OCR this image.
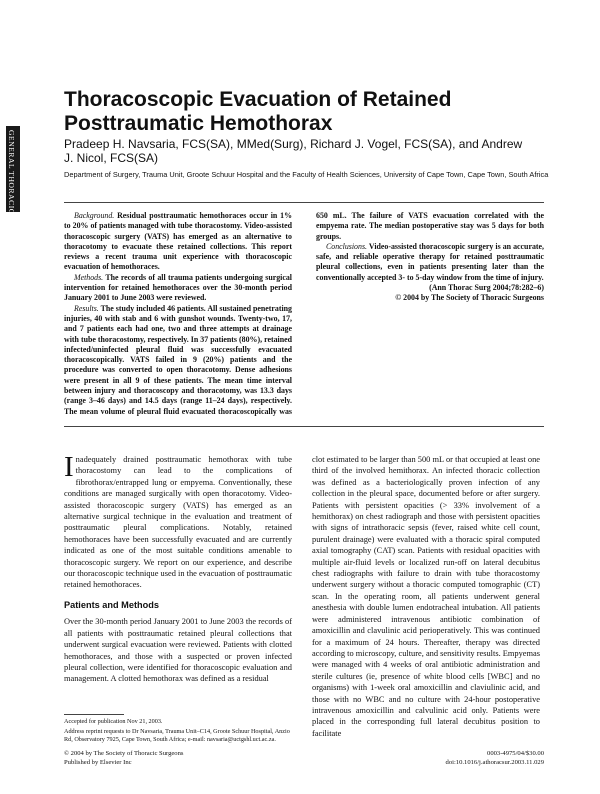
GENERAL THORACIC
Thoracoscopic Evacuation of Retained Posttraumatic Hemothorax
Pradeep H. Navsaria, FCS(SA), MMed(Surg), Richard J. Vogel, FCS(SA), and Andrew J. Nicol, FCS(SA)
Department of Surgery, Trauma Unit, Groote Schuur Hospital and the Faculty of Health Sciences, University of Cape Town, Cape Town, South Africa

Background. Residual posttraumatic hemothoraces occur in 1% to 20% of patients managed with tube thoracostomy. Video-assisted thoracoscopic surgery (VATS) has emerged as an alternative to thoracotomy to evacuate these retained collections. This report reviews a recent trauma unit experience with thoracoscopic evacuation of hemothoraces.

Methods. The records of all trauma patients undergoing surgical intervention for retained hemothoraces over the 30-month period January 2001 to June 2003 were reviewed.

Results. The study included 46 patients. All sustained penetrating injuries, 40 with stab and 6 with gunshot wounds. Twenty-two, 17, and 7 patients each had one, two and three attempts at drainage with tube thoracostomy, respectively. In 37 patients (80%), retained infected/uninfected pleural fluid was successfully evacuated thoracoscopically. VATS failed in 9 (20%) patients and the procedure was converted to open thoracotomy. Dense adhesions were present in all 9 of these patients. The mean time interval between injury and thoracoscopy and thoracotomy, was 13.3 days (range 3–46 days) and 14.5 days (range 11–24 days), respectively. The mean volume of pleural fluid evacuated thoracoscopically was 650 mL. The failure of VATS evacuation correlated with the empyema rate. The median postoperative stay was 5 days for both groups.

Conclusions. Video-assisted thoracoscopic surgery is an accurate, safe, and reliable operative therapy for retained posttraumatic pleural collections, even in patients presenting later than the conventionally accepted 3- to 5-day window from the time of injury.

(Ann Thorac Surg 2004;78:282–6)

© 2004 by The Society of Thoracic Surgeons

Inadequately drained posttraumatic hemothorax with tube thoracostomy can lead to the complications of fibrothorax/entrapped lung or empyema. Conventionally, these conditions are managed surgically with open thoracotomy. Video-assisted thoracoscopic surgery (VATS) has emerged as an alternative surgical technique in the evaluation and treatment of posttraumatic pleural complications. Notably, retained hemothoraces have been successfully evacuated and are currently indicated as one of the most suitable conditions amenable to thoracoscopic surgery. We report on our experience, and describe our thoracoscopic technique used in the evacuation of posttraumatic retained hemothoraces.

Patients and Methods

Over the 30-month period January 2001 to June 2003 the records of all patients with posttraumatic retained pleural collections that underwent surgical evacuation were reviewed. Patients with clotted hemothoraces, and those with a suspected or proven infected pleural collection, were identified for thoracoscopic evaluation and management. A clotted hemothorax was defined as a residual

clot estimated to be larger than 500 mL or that occupied at least one third of the involved hemithorax. An infected thoracic collection was defined as a bacteriologically proven infection of any collection in the pleural space, documented before or after surgery. Patients with persistent opacities (> 33% involvement of a hemithorax) on chest radiograph and those with persistent opacities with signs of intrathoracic sepsis (fever, raised white cell count, purulent drainage) were evaluated with a thoracic spiral computed axial tomography (CAT) scan. Patients with residual opacities with multiple air-fluid levels or localized run-off on lateral decubitus chest radiographs with failure to drain with tube thoracostomy underwent surgery without a thoracic computed tomographic (CT) scan. In the operating room, all patients underwent general anesthesia with double lumen endotracheal intubation. All patients were administered intravenous antibiotic combination of amoxicillin and clavulinic acid perioperatively. This was continued for a maximum of 24 hours. Thereafter, therapy was directed according to microscopy, culture, and sensitivity results. Empyemas were managed with 4 weeks of oral antibiotic administration and sterile cultures (ie, presence of white blood cells [WBC] and no organisms) with 1-week oral amoxicillin and claviulinic acid, and those with no WBC and no culture with 24-hour postoperative intravenous amoxicillin and calvulinic acid only. Patients were placed in the corresponding full lateral decubitus position to facilitate

Accepted for publication Nov 21, 2003.
Address reprint requests to Dr Navsaria, Trauma Unit–C14, Groote Schuur Hospital, Anzio Rd, Observatory 7925, Cape Town, South Africa; e-mail: navsaria@uctgshl.uct.ac.za.
© 2004 by The Society of Thoracic Surgeons
Published by Elsevier Inc
0003-4975/04/$30.00
doi:10.1016/j.athoracsur.2003.11.029
